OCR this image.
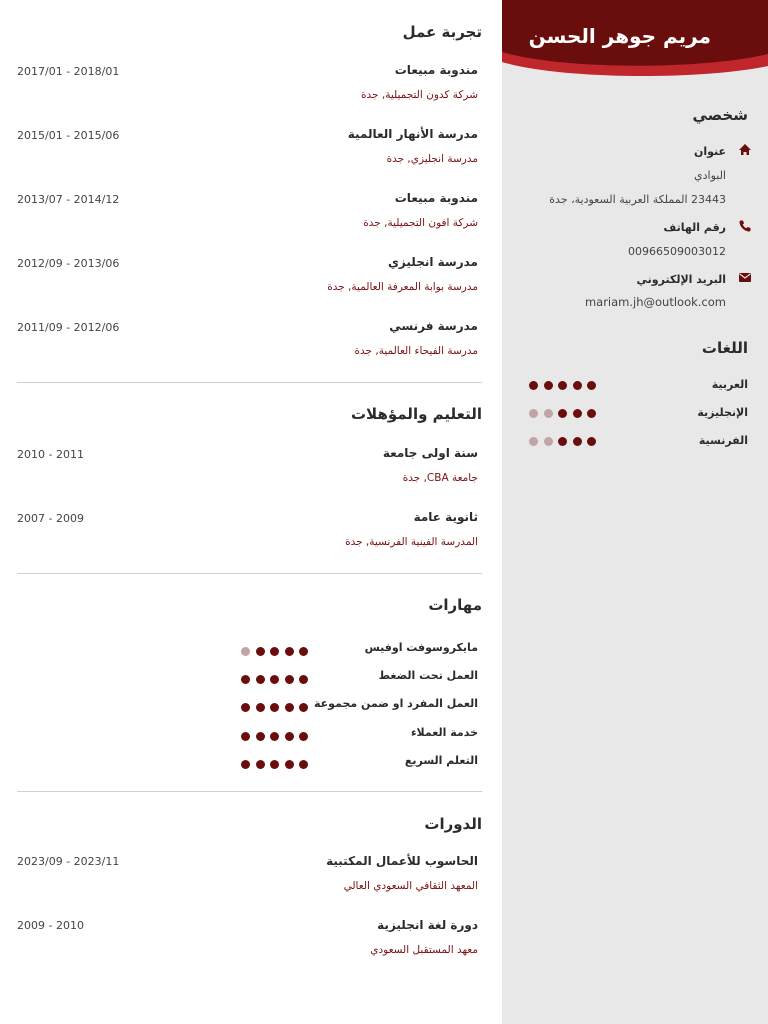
مريم جوهر الحسن
شخصي
عنوان
البوادي
23443 المملكة العربية السعودية، جدة
رقم الهاتف
00966509003012
البريد الإلكتروني
mariam.jh@outlook.com
اللغات
العربية
الإنجليزية
الفرنسية
تجربة عمل
مندوبة مبيعات
2017/01 - 2018/01
شركة كدون التجميلية, جدة
مدرسة الأنهار العالمية
2015/01 - 2015/06
مدرسة انجليزي, جدة
مندوبة مبيعات
2013/07 - 2014/12
شركة افون التجميلية, جدة
مدرسة انجليزي
2012/09 - 2013/06
مدرسة بوابة المعرفة العالمية, جدة
مدرسة فرنسي
2011/09 - 2012/06
مدرسة الفيحاء العالمية, جدة
التعليم والمؤهلات
سنة اولى جامعة
2010 - 2011
جامعة CBA, جدة
ثانوية عامة
2007 - 2009
المدرسة الفينية الفرنسية, جدة
مهارات
مايكروسوفت اوفيس
العمل تحت الضغط
العمل المفرد او ضمن مجموعة
خدمة العملاء
التعلم السريع
الدورات
الحاسوب للأعمال المكتبية
2023/09 - 2023/11
المعهد الثقافي السعودي العالي
دورة لغة انجليزية
2009 - 2010
معهد المستقبل السعودي
